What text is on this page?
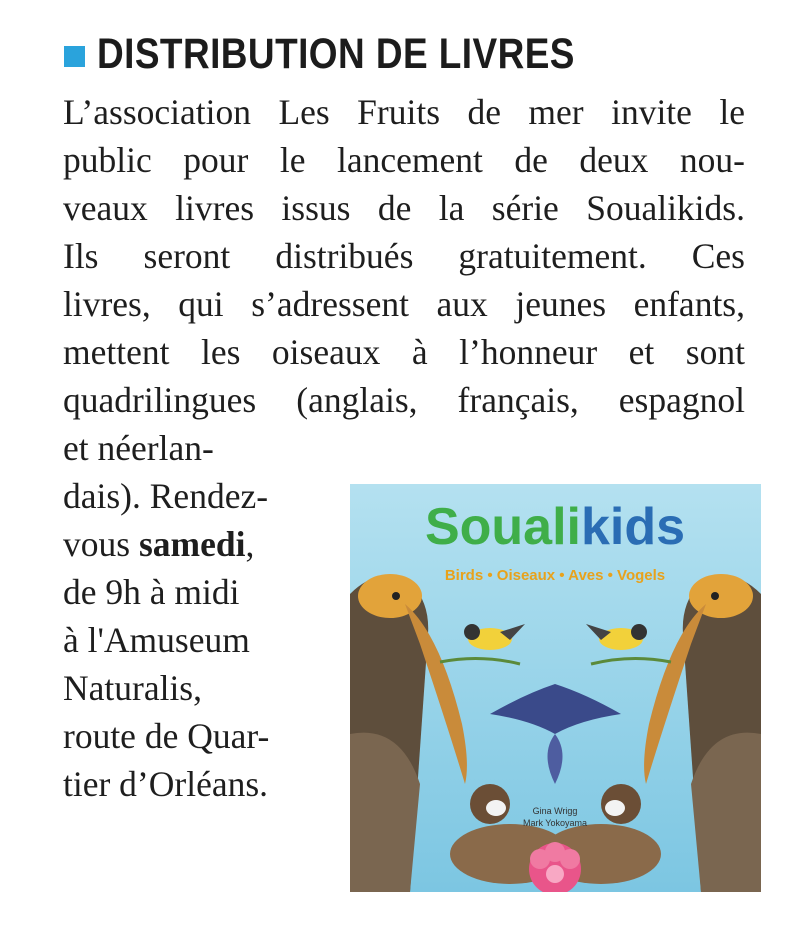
DISTRIBUTION DE LIVRES
L’association Les Fruits de mer invite le
public pour le lancement de deux nou-
veaux livres issus de la série Soualikids.
Ils seront distribués gratuitement. Ces
livres, qui s’adressent aux jeunes enfants,
mettent les oiseaux à l’honneur et sont
quadrilingues (anglais, français, espagnol
et néerlan-
dais). Rendez-
vous samedi,
de 9h à midi
à l'Amuseum
Naturalis,
route de Quar-
tier d’Orléans.
Soualikids
Birds • Oiseaux • Aves • Vogels
Gina Wrigg
Mark Yokoyama
